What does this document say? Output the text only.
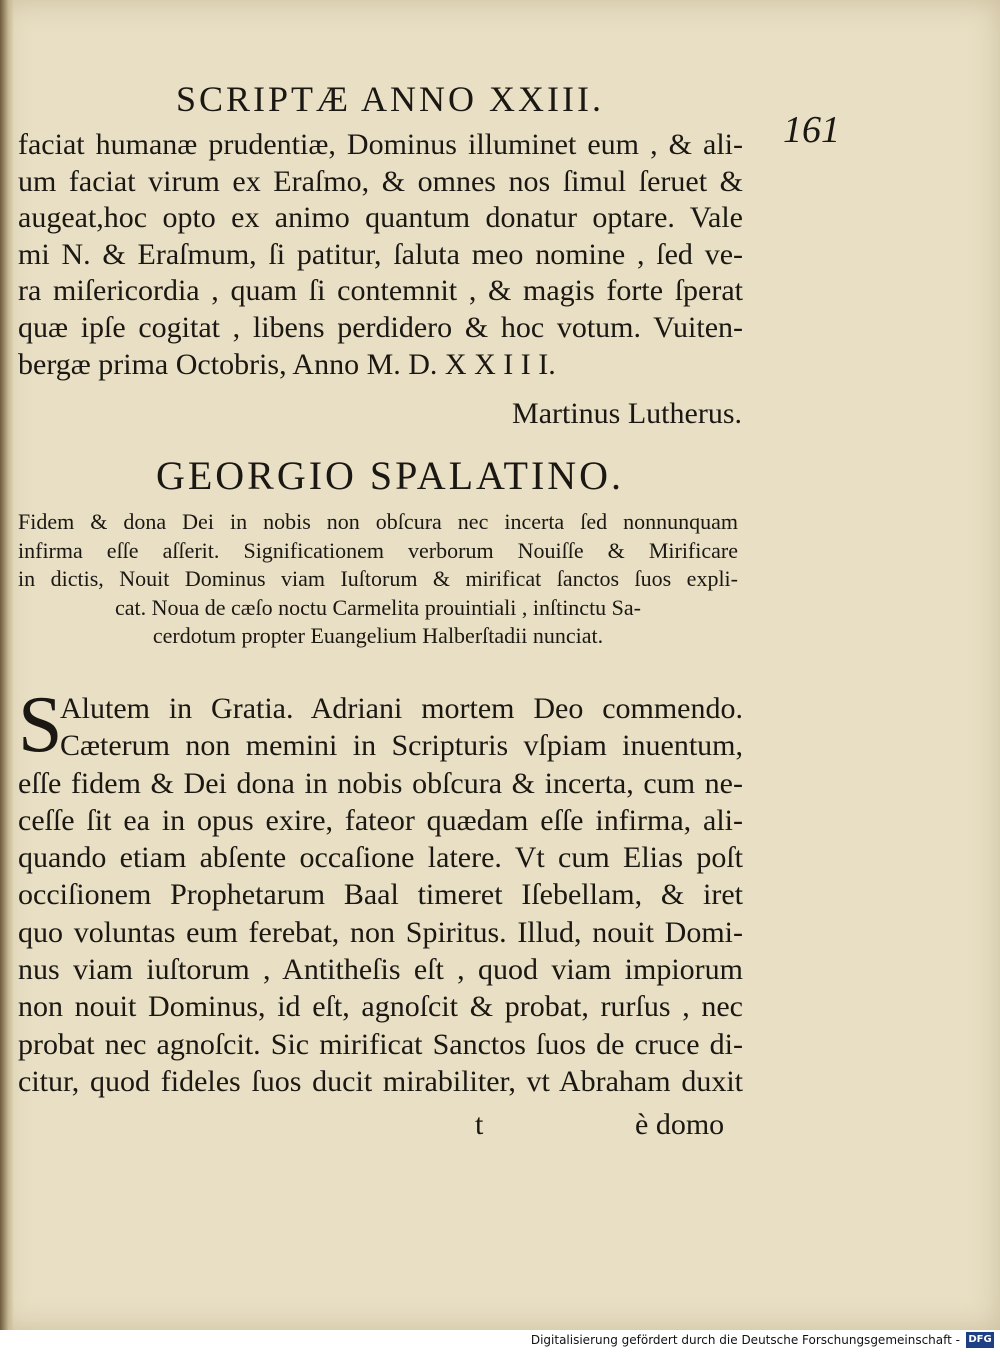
SCRIPTÆ ANNO XXIII.
161
faciat humanæ prudentiæ, Dominus illuminet eum , & ali-
um faciat virum ex Eraſmo, & omnes nos ſimul ſeruet &
augeat,hoc opto ex animo quantum donatur optare. Vale
mi N. & Eraſmum, ſi patitur, ſaluta meo nomine , ſed ve-
ra miſericordia , quam ſi contemnit , & magis forte ſperat
quæ ipſe cogitat , libens perdidero & hoc votum. Vuiten-
bergæ prima Octobris, Anno M. D. X X I I I.
Martinus Lutherus.
GEORGIO SPALATINO.
Fidem & dona Dei in nobis non obſcura nec incerta ſed nonnunquam
infirma eſſe aſſerit. Significationem verborum Nouiſſe & Mirificare
in dictis, Nouit Dominus viam Iuſtorum & mirificat ſanctos ſuos expli-
cat. Noua de cæſo noctu Carmelita prouintiali , inſtinctu Sa-
cerdotum propter Euangelium Halberſtadii nunciat.
S
Alutem in Gratia. Adriani mortem Deo commendo.
Cæterum non memini in Scripturis vſpiam inuentum,
eſſe fidem & Dei dona in nobis obſcura & incerta, cum ne-
ceſſe ſit ea in opus exire, fateor quædam eſſe infirma, ali-
quando etiam abſente occaſione latere. Vt cum Elias poſt
occiſionem Prophetarum Baal timeret Iſebellam, & iret
quo voluntas eum ferebat, non Spiritus. Illud, nouit Domi-
nus viam iuſtorum , Antitheſis eſt , quod viam impiorum
non nouit Dominus, id eſt, agnoſcit & probat, rurſus , nec
probat nec agnoſcit. Sic mirificat Sanctos ſuos de cruce di-
citur, quod fideles ſuos ducit mirabiliter, vt Abraham duxit
t	è domo
Digitalisierung gefördert durch die Deutsche Forschungsgemeinschaft - DFG
